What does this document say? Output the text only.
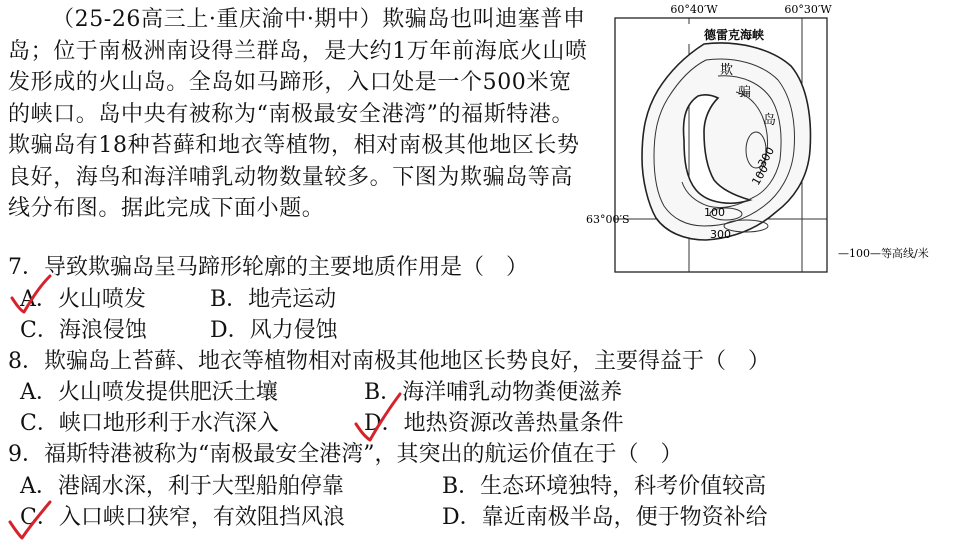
（25-26高三上·重庆渝中·期中）欺骗岛也叫迪塞普申岛；位于南极洲南设得兰群岛，是大约1万年前海底火山喷发形成的火山岛。全岛如马蹄形，入口处是一个500米宽的峡口。岛中央有被称为“南极最安全港湾”的福斯特港。欺骗岛有18种苔藓和地衣等植物，相对南极其他地区长势良好，海鸟和海洋哺乳动物数量较多。下图为欺骗岛等高线分布图。据此完成下面小题。

德雷克海峡
欺
骗
岛
300
100
100
300
60°40′W	60°30′W
63°00′S
—100—等高线/米
7．导致欺骗岛呈马蹄形轮廓的主要地质作用是（　）
A．火山喷发	B．地壳运动
C．海浪侵蚀	D．风力侵蚀
8．欺骗岛上苔藓、地衣等植物相对南极其他地区长势良好，主要得益于（　）
A．火山喷发提供肥沃土壤	B．海洋哺乳动物粪便滋养
C．峡口地形利于水汽深入	D．地热资源改善热量条件
9．福斯特港被称为“南极最安全港湾”，其突出的航运价值在于（　）
A．港阔水深，利于大型船舶停靠	B．生态环境独特，科考价值较高
C．入口峡口狭窄，有效阻挡风浪	D．靠近南极半岛，便于物资补给
